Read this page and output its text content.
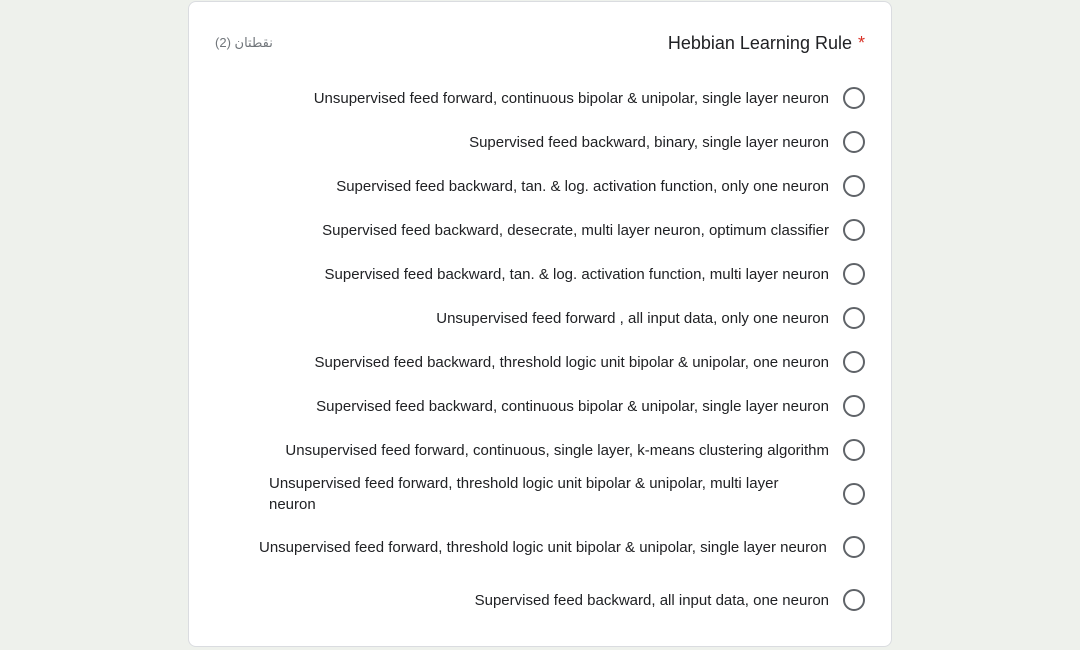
*
Hebbian Learning Rule
نقطتان (2)
Unsupervised feed forward, continuous bipolar & unipolar, single layer neuron
Supervised feed backward, binary, single layer neuron
Supervised feed backward, tan. & log. activation function, only one neuron
Supervised feed backward, desecrate, multi layer neuron, optimum classifier
Supervised feed backward, tan. & log. activation function, multi layer neuron
Unsupervised feed forward , all input data, only one neuron
Supervised feed backward, threshold logic unit bipolar & unipolar, one neuron
Supervised feed backward, continuous bipolar & unipolar, single layer neuron
Unsupervised feed forward, continuous, single layer, k-means clustering algorithm
Unsupervised feed forward, threshold logic unit bipolar & unipolar, multi layer neuron
Unsupervised feed forward, threshold logic unit bipolar & unipolar, single layer neuron
Supervised feed backward, all input data, one neuron
